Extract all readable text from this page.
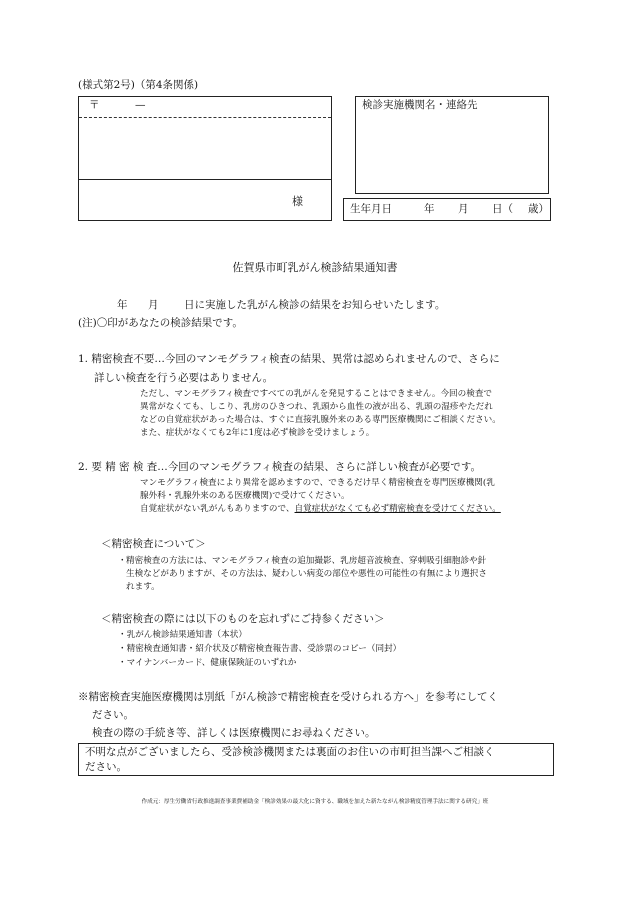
(様式第2号)（第4条関係)
〒	—
様
検診実施機関名・連絡先
生年月日	年 月 日（ 歳）
佐賀県市町乳がん検診結果通知書
年 月 日に実施した乳がん検診の結果をお知らせいたします。
(注)〇印があなたの検診結果です。
1. 精密検査不要…今回のマンモグラフィ検査の結果、異常は認められませんので、さらに
詳しい検査を行う必要はありません。
ただし、マンモグラフィ検査ですべての乳がんを発見することはできません。今回の検査で
異常がなくても、しこり、乳房のひきつれ、乳頭から血性の液が出る、乳頭の湿疹やただれ
などの自覚症状があった場合は、すぐに直接乳腺外来のある専門医療機関にご相談ください。
また、症状がなくても2年に1度は必ず検診を受けましょう。
2. 要 精 密 検 査…今回のマンモグラフィ検査の結果、さらに詳しい検査が必要です。
マンモグラフィ検査により異常を認めますので、できるだけ早く精密検査を専門医療機関(乳
腺外科・乳腺外来のある医療機関)で受けてください。
自覚症状がない乳がんもありますので、自覚症状がなくても必ず精密検査を受けてください。
＜精密検査について＞
・ 精密検査の方法には、マンモグラフィ検査の追加撮影、乳房超音波検査、穿刺吸引細胞診や針
生検などがありますが、その方法は、疑わしい病変の部位や悪性の可能性の有無により選択さ
れます。
＜精密検査の際には以下のものを忘れずにご持参ください＞
・乳がん検診結果通知書（本状）
・精密検査通知書・紹介状及び精密検査報告書、受診票のコピー（同封）
・マイナンバーカード、健康保険証のいずれか
※精密検査実施医療機関は別紙「がん検診で精密検査を受けられる方へ」を参考にしてく
ださい。
検査の際の手続き等、詳しくは医療機関にお尋ねください。
不明な点がございましたら、受診検診機関または裏面のお住いの市町担当課へご相談く
ださい。
作成元：厚生労働省行政推進調査事業費補助金「検診効果の最大化に資する、職域を加えた新たながん検診精度管理手法に関する研究」班
